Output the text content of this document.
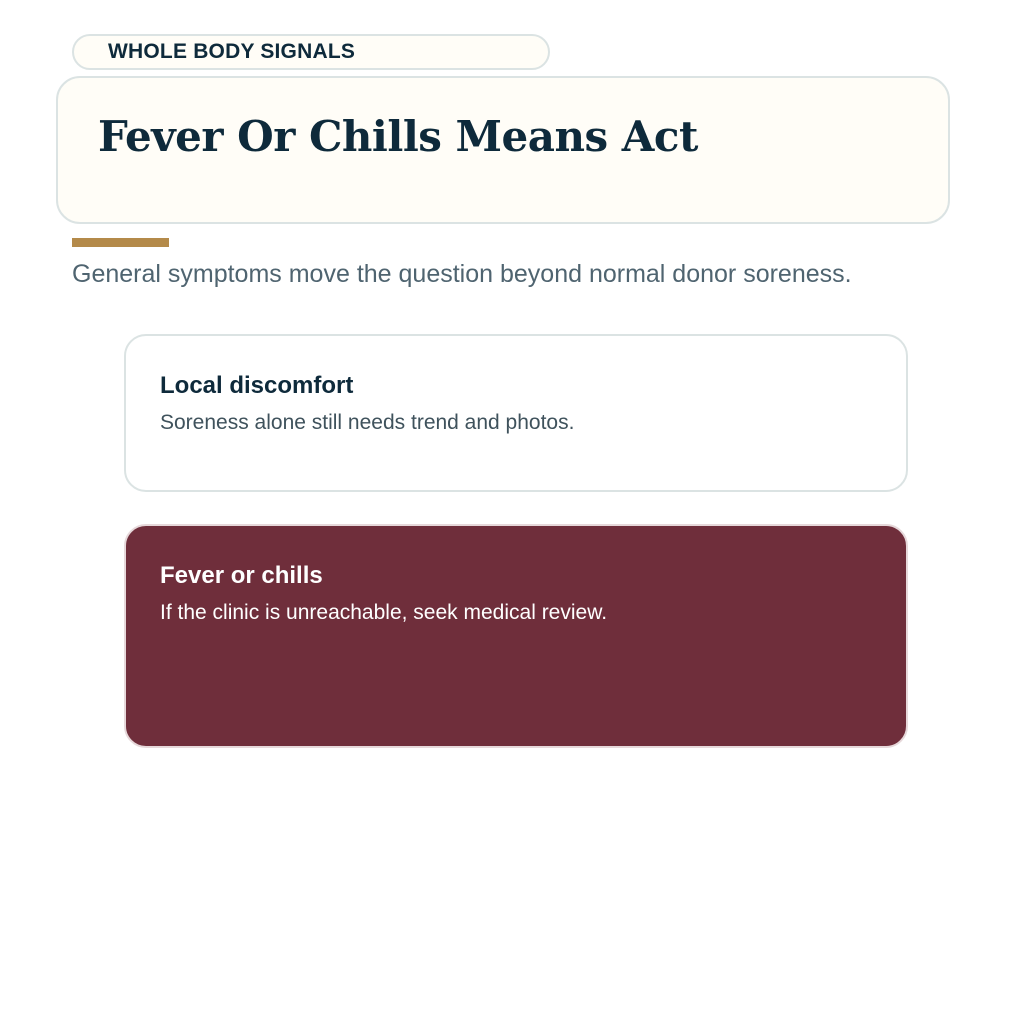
WHOLE BODY SIGNALS
Fever Or Chills Means Act

General symptoms move the question beyond normal donor soreness.

Local discomfort

Soreness alone still needs trend and photos.

Fever or chills

If the clinic is unreachable, seek medical review.
